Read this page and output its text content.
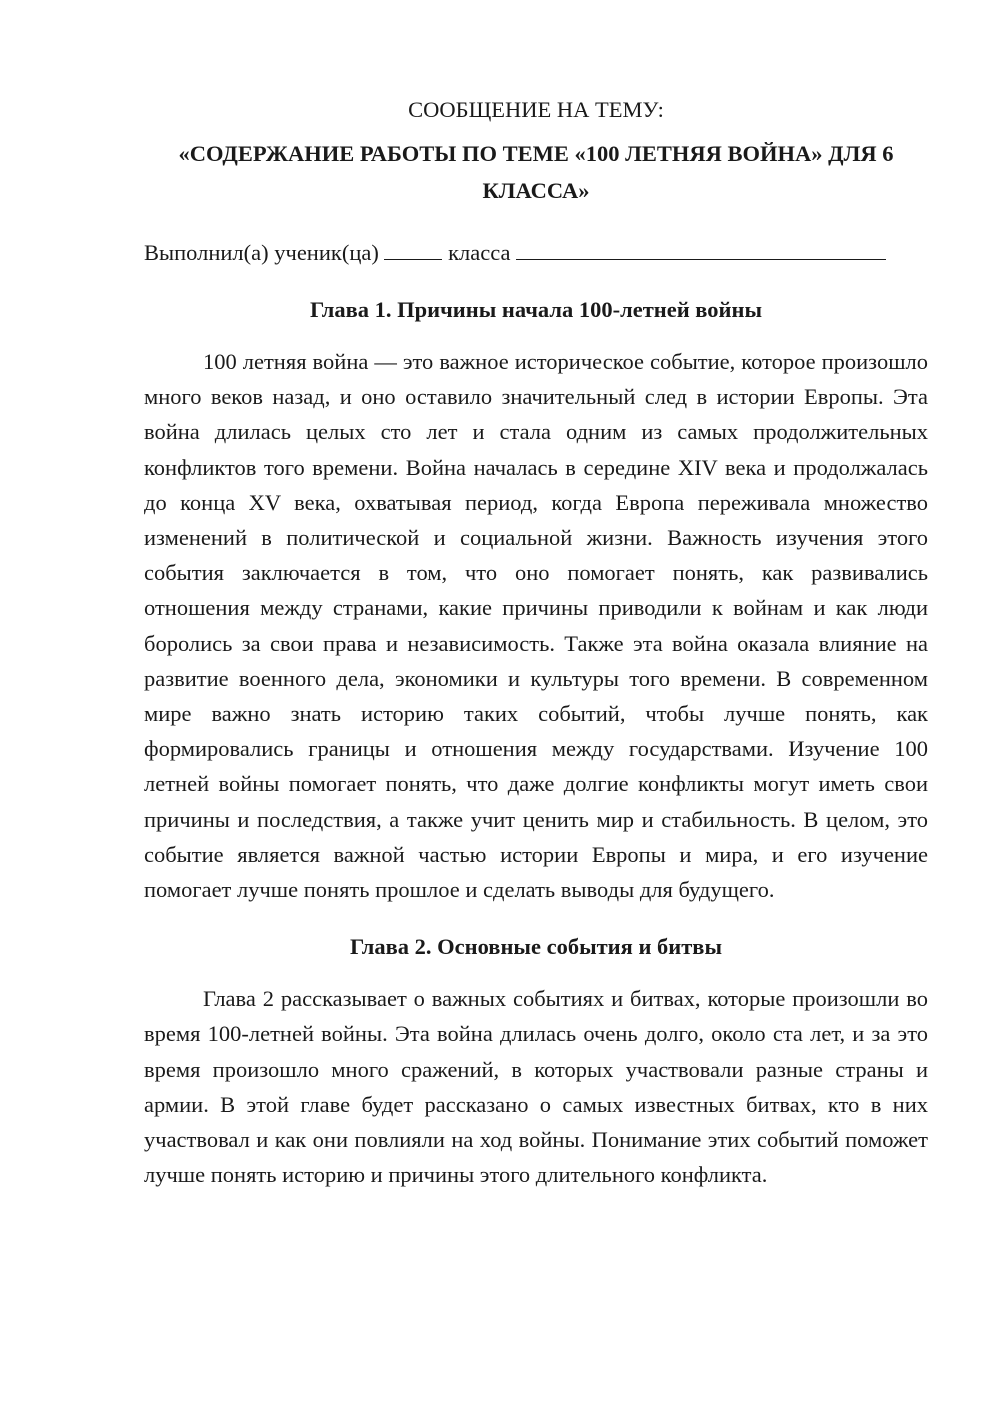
СООБЩЕНИЕ НА ТЕМУ:

«СОДЕРЖАНИЕ РАБОТЫ ПО ТЕМЕ «100 ЛЕТНЯЯ ВОЙНА» ДЛЯ 6 КЛАССА»

Выполнил(а) ученик(ца)	класса

Глава 1. Причины начала 100-летней войны

100 летняя война — это важное историческое событие, которое произошло много веков назад, и оно оставило значительный след в истории Европы. Эта война длилась целых сто лет и стала одним из самых продолжительных конфликтов того времени. Война началась в середине XIV века и продолжалась до конца XV века, охватывая период, когда Европа переживала множество изменений в политической и социальной жизни. Важность изучения этого события заключается в том, что оно помогает понять, как развивались отношения между странами, какие причины приводили к войнам и как люди боролись за свои права и независимость. Также эта война оказала влияние на развитие военного дела, экономики и культуры того времени. В современном мире важно знать историю таких событий, чтобы лучше понять, как формировались границы и отношения между государствами. Изучение 100 летней войны помогает понять, что даже долгие конфликты могут иметь свои причины и последствия, а также учит ценить мир и стабильность. В целом, это событие является важной частью истории Европы и мира, и его изучение помогает лучше понять прошлое и сделать выводы для будущего.

Глава 2. Основные события и битвы

Глава 2 рассказывает о важных событиях и битвах, которые произошли во время 100-летней войны. Эта война длилась очень долго, около ста лет, и за это время произошло много сражений, в которых участвовали разные страны и армии. В этой главе будет рассказано о самых известных битвах, кто в них участвовал и как они повлияли на ход войны. Понимание этих событий поможет лучше понять историю и причины этого длительного конфликта.
